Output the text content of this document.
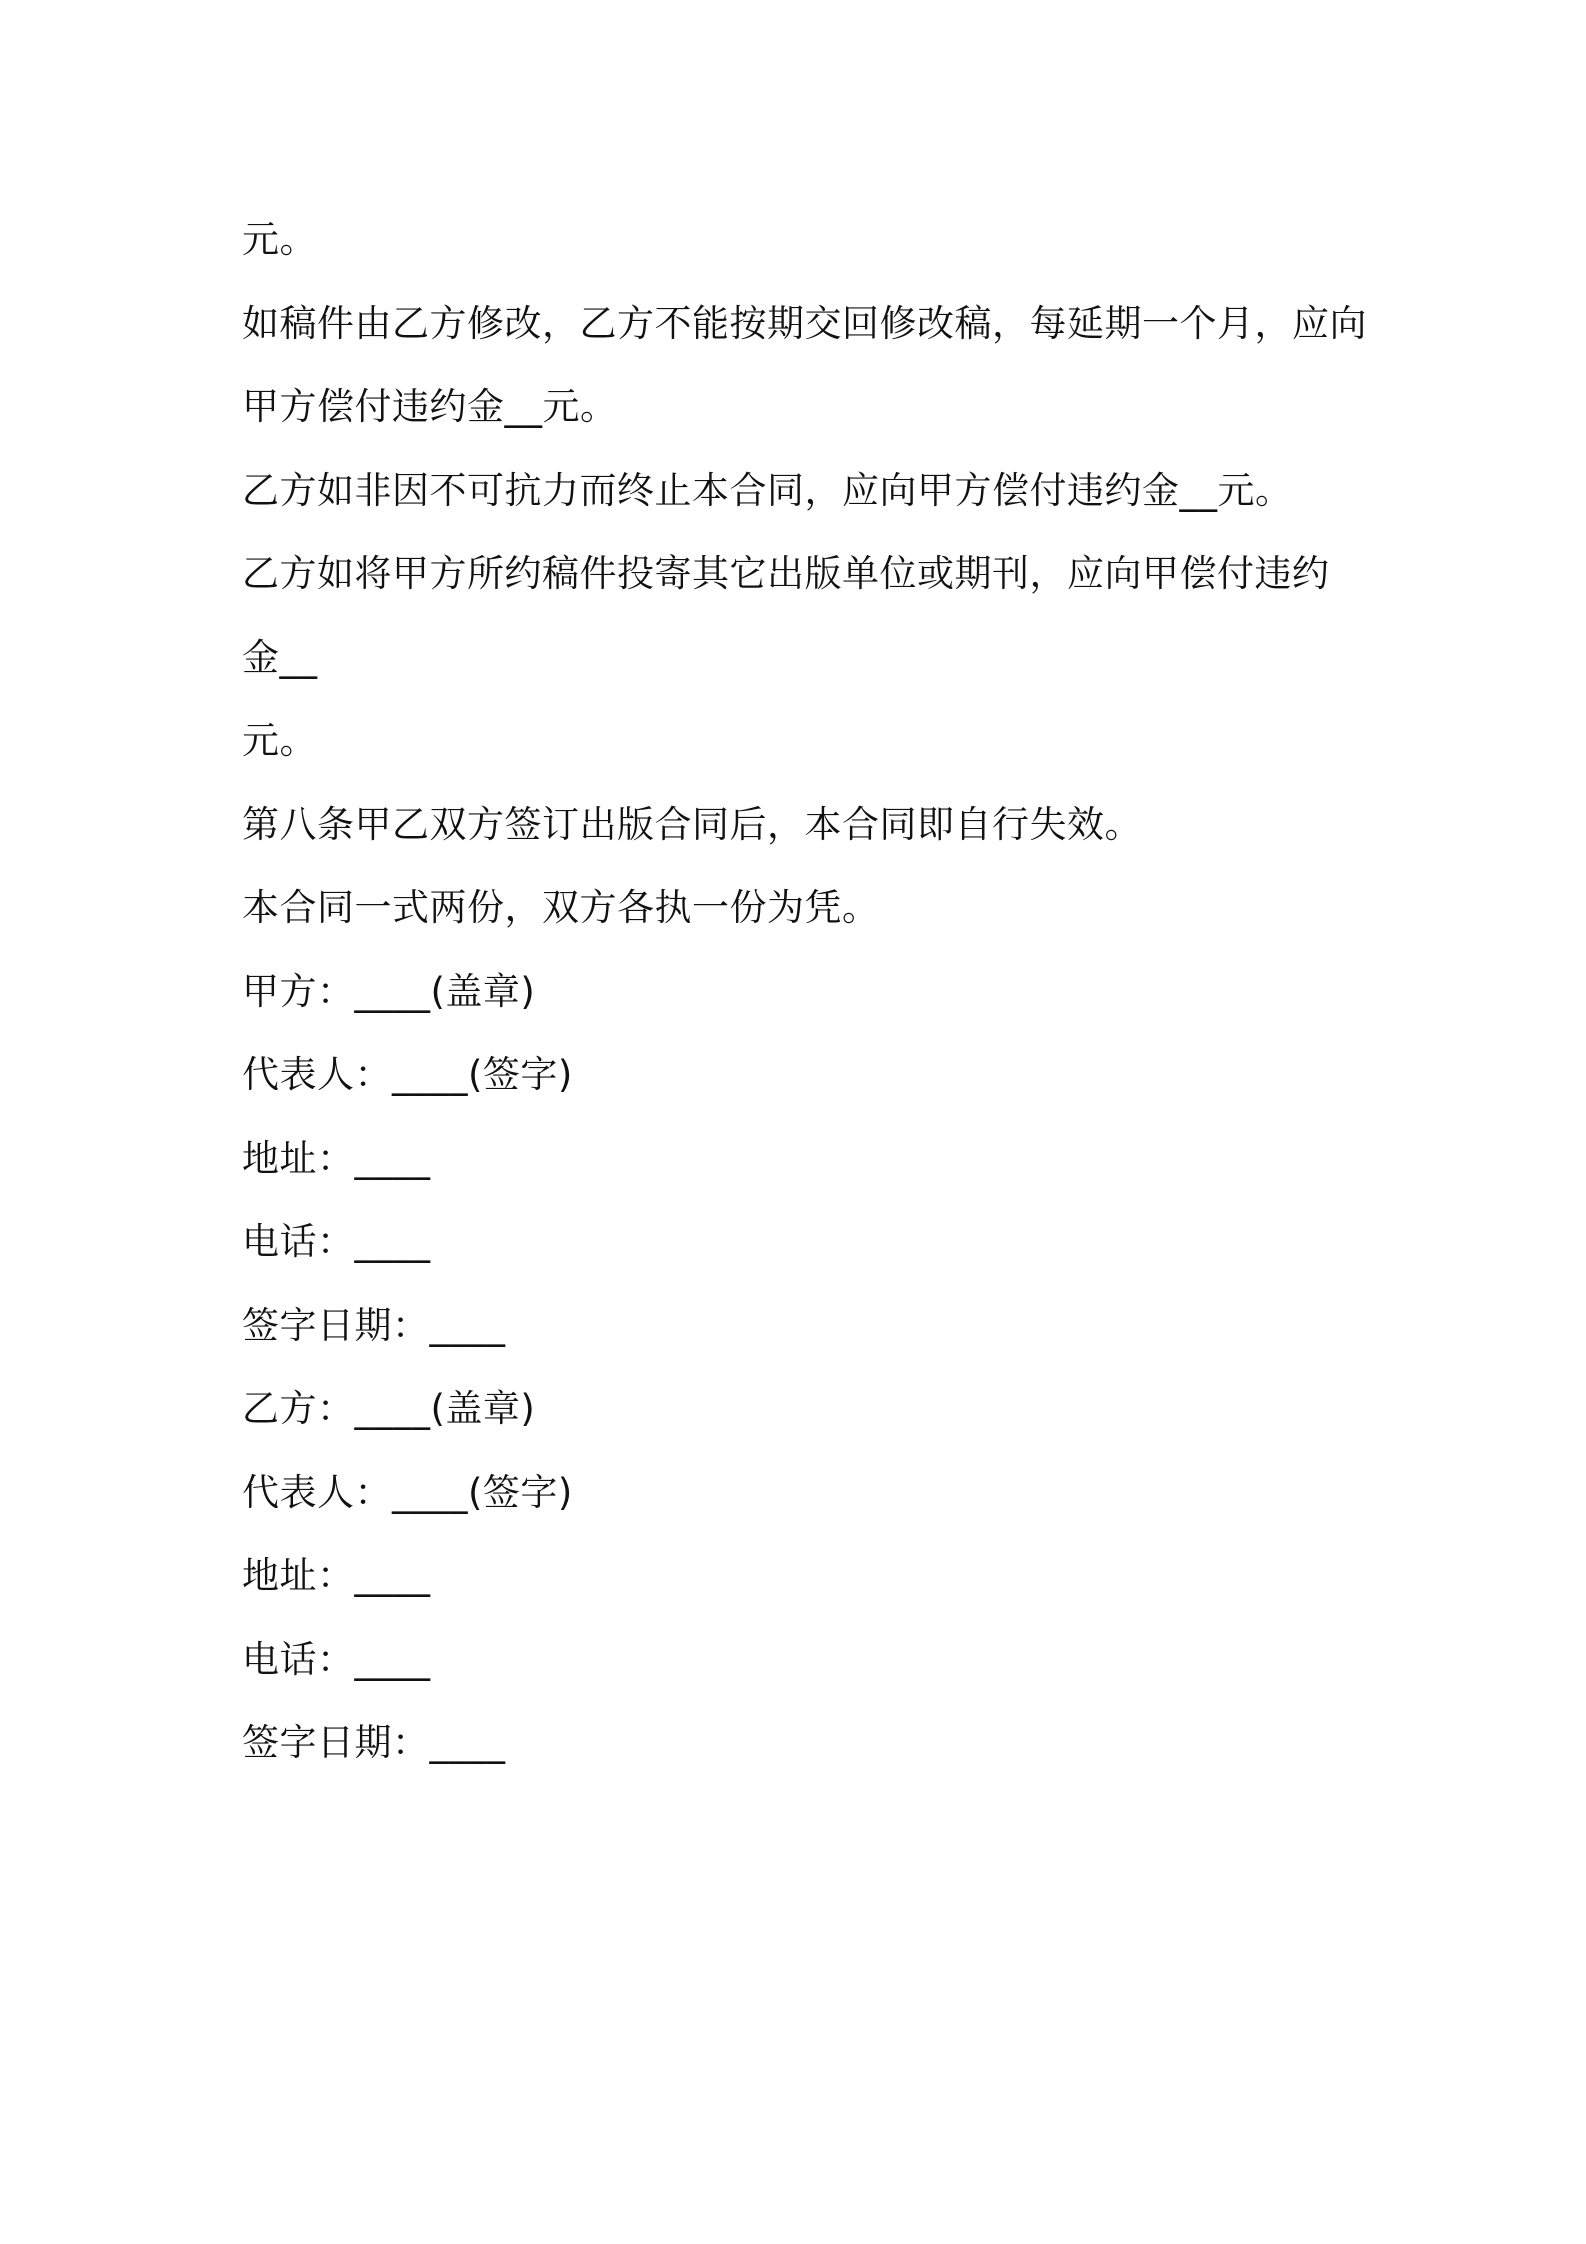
元。
如稿件由乙方修改，乙方不能按期交回修改稿，每延期一个月，应向
甲方偿付违约金__元。
乙方如非因不可抗力而终止本合同，应向甲方偿付违约金__元。
乙方如将甲方所约稿件投寄其它出版单位或期刊，应向甲偿付违约
金__
元。
第八条甲乙双方签订出版合同后，本合同即自行失效。
本合同一式两份，双方各执一份为凭。
甲方：____(盖章)
代表人：____(签字)
地址：____
电话：____
签字日期：____
乙方：____(盖章)
代表人：____(签字)
地址：____
电话：____
签字日期：____
